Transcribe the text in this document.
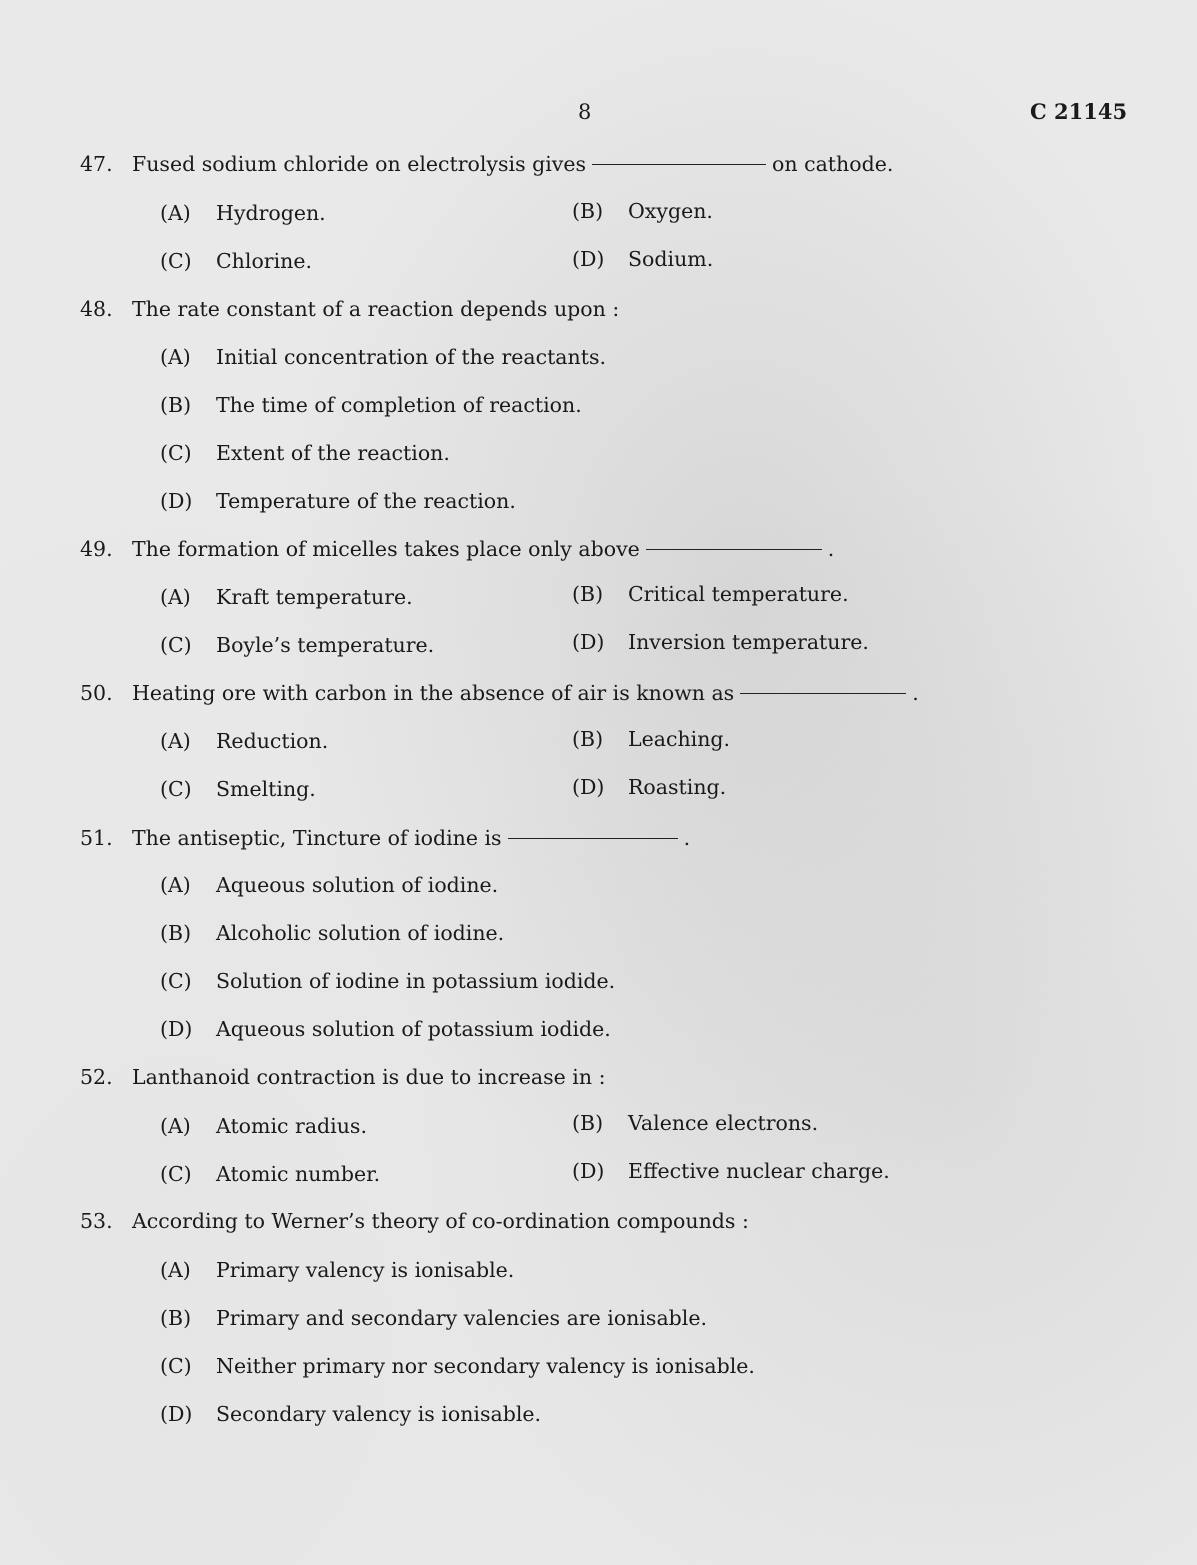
8	C 21145
47. Fused sodium chloride on electrolysis gives	on cathode.
(A) Hydrogen.	(B) Oxygen.
(C) Chlorine.	(D) Sodium.
48. The rate constant of a reaction depends upon :
(A) Initial concentration of the reactants.
(B) The time of completion of reaction.
(C) Extent of the reaction.
(D) Temperature of the reaction.
49. The formation of micelles takes place only above	.
(A) Kraft temperature.	(B) Critical temperature.
(C) Boyle’s temperature.	(D) Inversion temperature.
50. Heating ore with carbon in the absence of air is known as	.
(A) Reduction.	(B) Leaching.
(C) Smelting.	(D) Roasting.
51. The antiseptic, Tincture of iodine is	.
(A) Aqueous solution of iodine.
(B) Alcoholic solution of iodine.
(C) Solution of iodine in potassium iodide.
(D) Aqueous solution of potassium iodide.
52. Lanthanoid contraction is due to increase in :
(A) Atomic radius.	(B) Valence electrons.
(C) Atomic number.	(D) Effective nuclear charge.
53. According to Werner’s theory of co-ordination compounds :
(A) Primary valency is ionisable.
(B) Primary and secondary valencies are ionisable.
(C) Neither primary nor secondary valency is ionisable.
(D) Secondary valency is ionisable.
